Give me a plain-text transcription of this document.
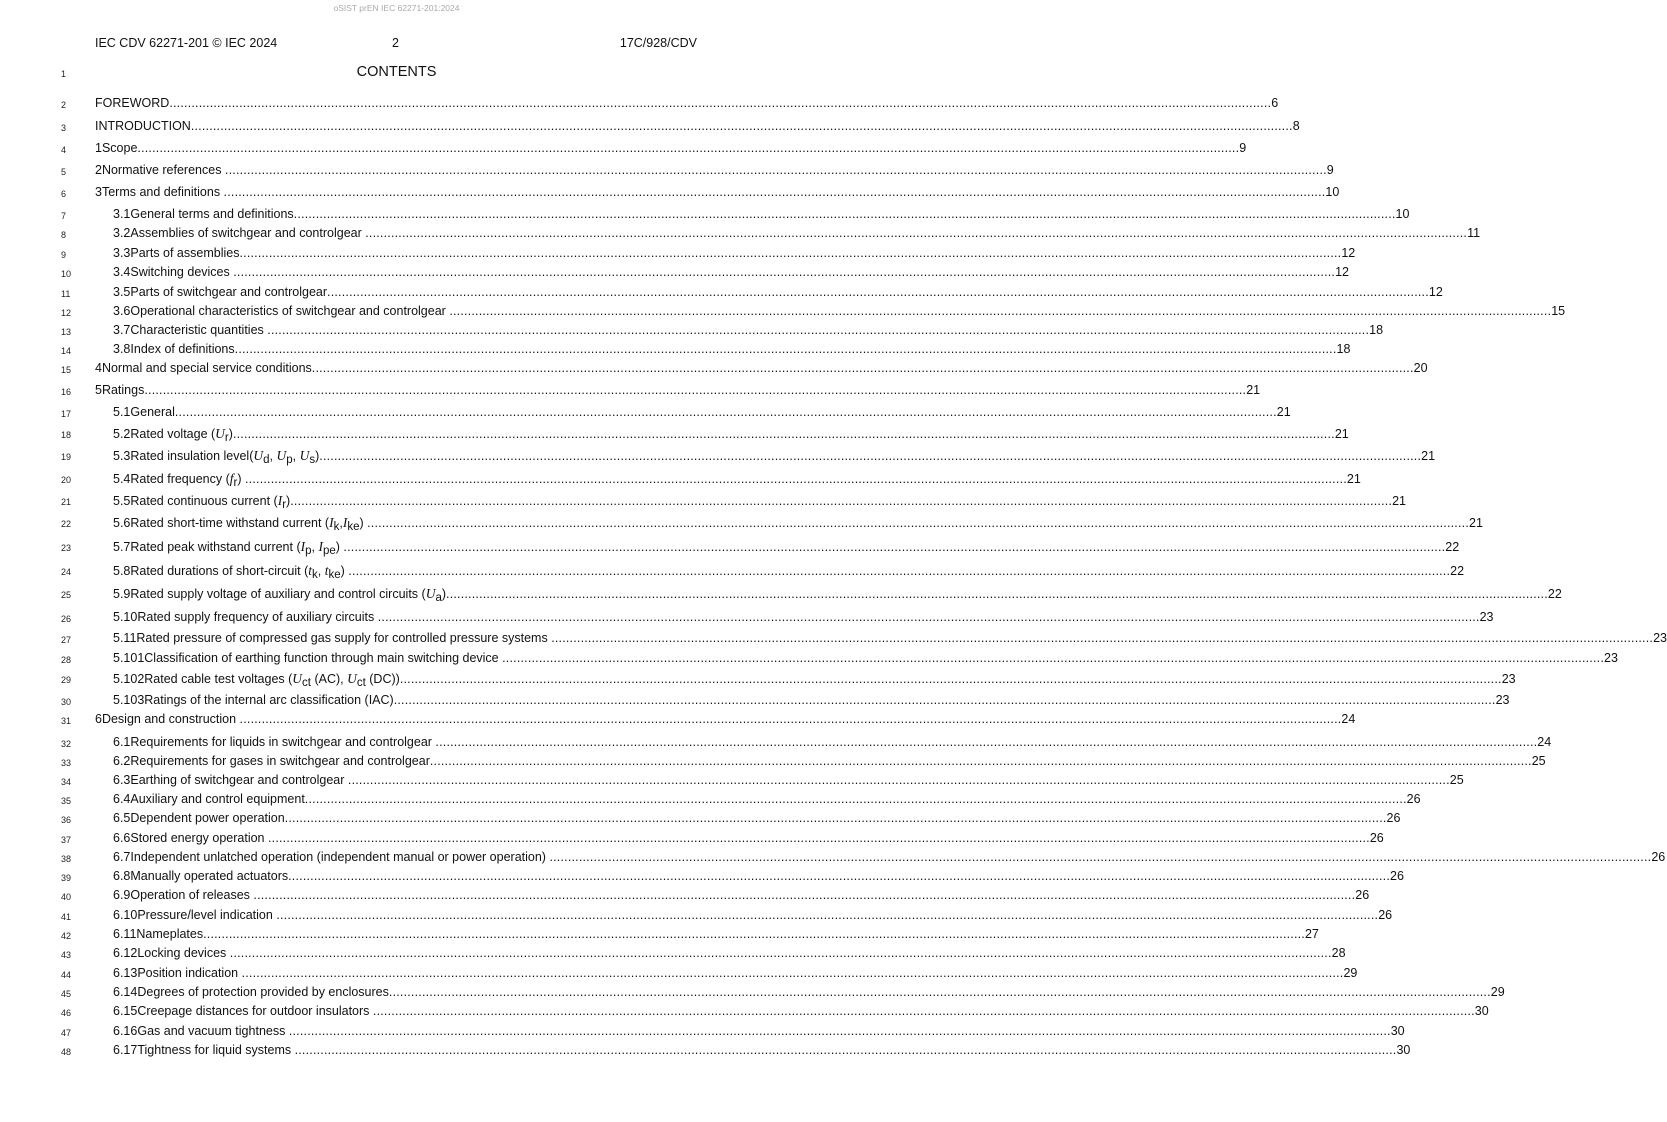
oSIST prEN IEC 62271-201:2024
IEC CDV 62271-201 © IEC 2024	2	17C/928/CDV
1	CONTENTS
2	FOREWORD ............................................................................................................................................................................................................................................................................................................ 6
3	INTRODUCTION ............................................................................................................................................................................................................................................................................................................ 8
4	1 Scope ............................................................................................................................................................................................................................................................................................................ 9
5	2 Normative references ............................................................................................................................................................................................................................................................................................................ 9
6	3 Terms and definitions ............................................................................................................................................................................................................................................................................................................ 10
7	3.1 General terms and definitions ............................................................................................................................................................................................................................................................................................................ 10
8	3.2 Assemblies of switchgear and controlgear ............................................................................................................................................................................................................................................................................................................ 11
9	3.3 Parts of assemblies ............................................................................................................................................................................................................................................................................................................ 12
10	3.4 Switching devices ............................................................................................................................................................................................................................................................................................................ 12
11	3.5 Parts of switchgear and controlgear ............................................................................................................................................................................................................................................................................................................ 12
12	3.6 Operational characteristics of switchgear and controlgear ............................................................................................................................................................................................................................................................................................................ 15
13	3.7 Characteristic quantities ............................................................................................................................................................................................................................................................................................................ 18
14	3.8 Index of definitions ............................................................................................................................................................................................................................................................................................................ 18
15 4 Normal and special service conditions ............................................................................................................................................................................................................................................................................................................ 20
16 5 Ratings ............................................................................................................................................................................................................................................................................................................ 21
17	5.1 General ............................................................................................................................................................................................................................................................................................................ 21
18	5.2 Rated voltage $(U_r)$ ............................................................................................................................................................................................................................................................................................................ 21
19	5.3 Rated insulation $level(U_d$, $U_p$, $U_s$) ............................................................................................................................................................................................................................................................................................................ 21
20	5.4 Rated frequency $(f_r)$ ............................................................................................................................................................................................................................................................................................................ 21
21	5.5 Rated continuous current $(I_r)$ ............................................................................................................................................................................................................................................................................................................ 21
22	5.6 Rated short-time withstand current $(I_k,I_{ke})$ ............................................................................................................................................................................................................................................................................................................ 21
23	5.7 Rated peak withstand current ($I_p$, $I_{pe}$) ............................................................................................................................................................................................................................................................................................................ 22
24	5.8 Rated durations of short-circuit ($t_k$, $t_{ke}$) ............................................................................................................................................................................................................................................................................................................ 22
25	5.9 Rated supply voltage of auxiliary and control circuits $(U_a)$ ............................................................................................................................................................................................................................................................................................................ 22
26	5.10 Rated supply frequency of auxiliary circuits ............................................................................................................................................................................................................................................................................................................ 23
27	5.11 Rated pressure of compressed gas supply for controlled pressure systems ............................................................................................................................................................................................................................................................................................................ 23
28	5.101 Classification of earthing function through main switching device ............................................................................................................................................................................................................................................................................................................ 23
29	5.102 Rated cable test voltages ($U_{ct}$ (AC), $U_{ct}$ (DC)) ............................................................................................................................................................................................................................................................................................................ 23
30	5.103 Ratings of the internal arc classification (IAC) ............................................................................................................................................................................................................................................................................................................ 23
31 6 Design and construction ............................................................................................................................................................................................................................................................................................................ 24
32	6.1 Requirements for liquids in switchgear and controlgear ............................................................................................................................................................................................................................................................................................................ 24
33	6.2 Requirements for gases in switchgear and controlgear ............................................................................................................................................................................................................................................................................................................ 25
34	6.3 Earthing of switchgear and controlgear ............................................................................................................................................................................................................................................................................................................ 25
35	6.4 Auxiliary and control equipment ............................................................................................................................................................................................................................................................................................................ 26
36	6.5 Dependent power operation ............................................................................................................................................................................................................................................................................................................ 26
37	6.6 Stored energy operation ............................................................................................................................................................................................................................................................................................................ 26
38	6.7 Independent unlatched operation (independent manual or power operation) ............................................................................................................................................................................................................................................................................................................ 26
39	6.8 Manually operated actuators ............................................................................................................................................................................................................................................................................................................ 26
40	6.9 Operation of releases ............................................................................................................................................................................................................................................................................................................ 26
41	6.10 Pressure/level indication ............................................................................................................................................................................................................................................................................................................ 26
42	6.11 Nameplates ............................................................................................................................................................................................................................................................................................................ 27
43	6.12 Locking devices ............................................................................................................................................................................................................................................................................................................ 28
44	6.13 Position indication ............................................................................................................................................................................................................................................................................................................ 29
45	6.14 Degrees of protection provided by enclosures ............................................................................................................................................................................................................................................................................................................ 29
46	6.15 Creepage distances for outdoor insulators ............................................................................................................................................................................................................................................................................................................ 30
47	6.16 Gas and vacuum tightness ............................................................................................................................................................................................................................................................................................................ 30
48	6.17 Tightness for liquid systems ............................................................................................................................................................................................................................................................................................................ 30
